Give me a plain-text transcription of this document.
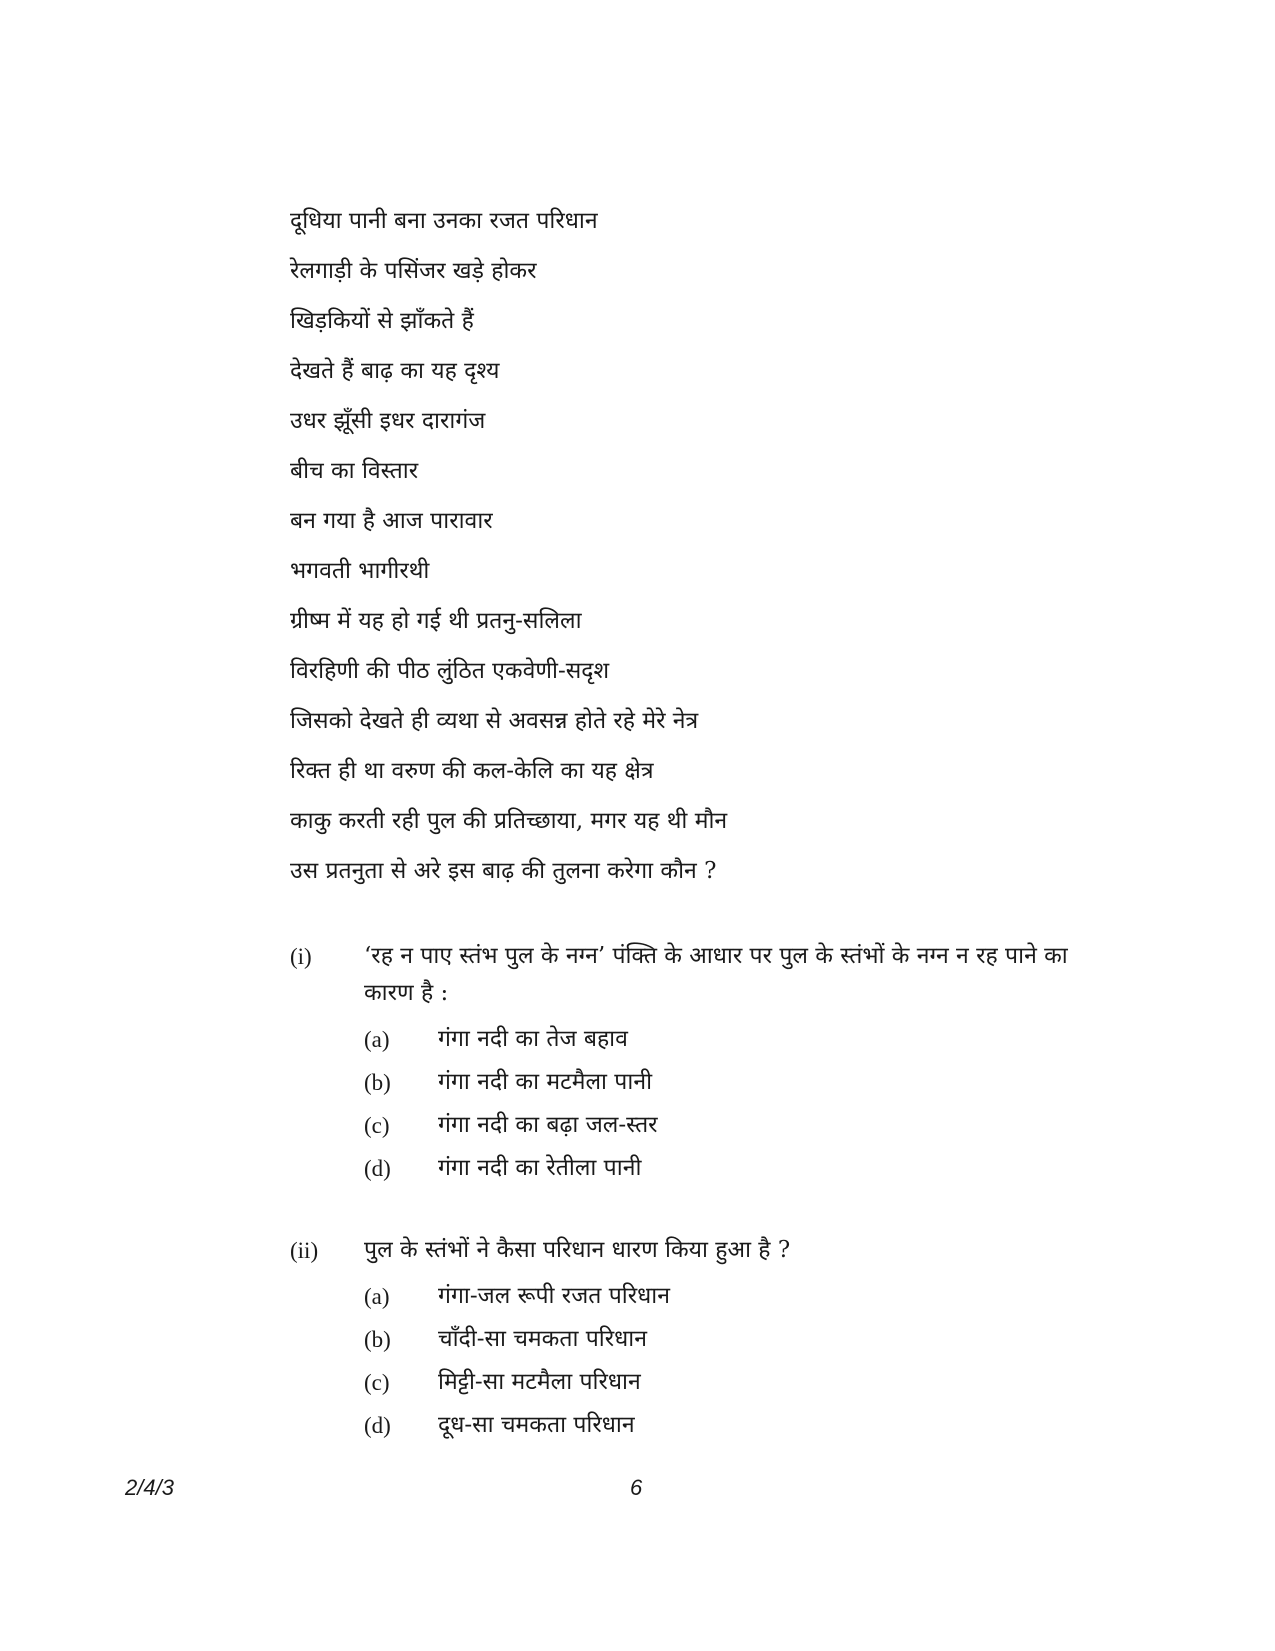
दूधिया पानी बना उनका रजत परिधान
रेलगाड़ी के पसिंजर खड़े होकर
खिड़कियों से झाँकते हैं
देखते हैं बाढ़ का यह दृश्य
उधर झूँसी इधर दारागंज
बीच का विस्तार
बन गया है आज पारावार
भगवती भागीरथी
ग्रीष्म में यह हो गई थी प्रतनु-सलिला
विरहिणी की पीठ लुंठित एकवेणी-सदृश
जिसको देखते ही व्यथा से अवसन्न होते रहे मेरे नेत्र
रिक्त ही था वरुण की कल-केलि का यह क्षेत्र
काकु करती रही पुल की प्रतिच्छाया, मगर यह थी मौन
उस प्रतनुता से अरे इस बाढ़ की तुलना करेगा कौन ?
(i)	‘रह न पाए स्तंभ पुल के नग्न’ पंक्ति के आधार पर पुल के स्तंभों के नग्न न रह पाने का कारण है :
(a)	गंगा नदी का तेज बहाव
(b)	गंगा नदी का मटमैला पानी
(c)	गंगा नदी का बढ़ा जल-स्तर
(d)	गंगा नदी का रेतीला पानी
(ii)	पुल के स्तंभों ने कैसा परिधान धारण किया हुआ है ?
(a)	गंगा-जल रूपी रजत परिधान
(b)	चाँदी-सा चमकता परिधान
(c)	मिट्टी-सा मटमैला परिधान
(d)	दूध-सा चमकता परिधान
2/4/3	6
